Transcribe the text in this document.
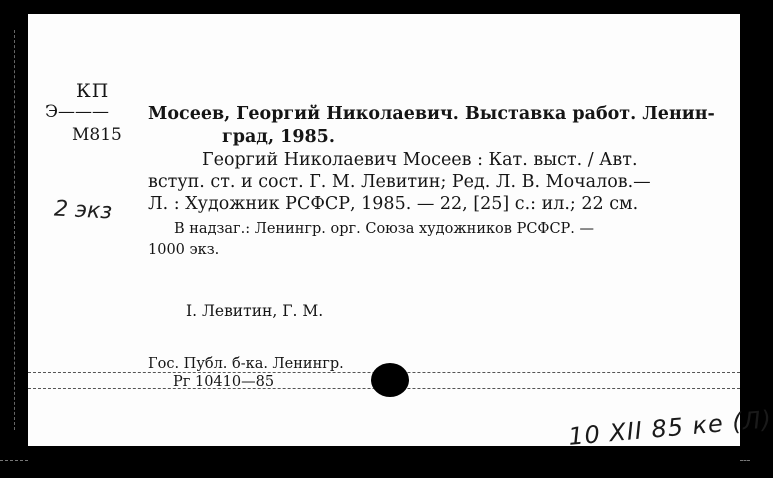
КП
Э———
М815
2 экз
Мосеев, Георгий Николаевич. Выставка работ. Ленин-
град, 1985.
Георгий Николаевич Мосеев : Кат. выст. / Авт.
вступ. ст. и сост. Г. М. Левитин; Ред. Л. В. Мочалов.—
Л. : Художник РСФСР, 1985. — 22, [25] с.: ил.; 22 см.
В надзаг.: Ленингр. орг. Союза художников РСФСР. —
1000 экз.
I. Левитин, Г. М.
Гос. Публ. б-ка. Ленингр.
Рг 10410—85
10 XII 85 ке (Л)
